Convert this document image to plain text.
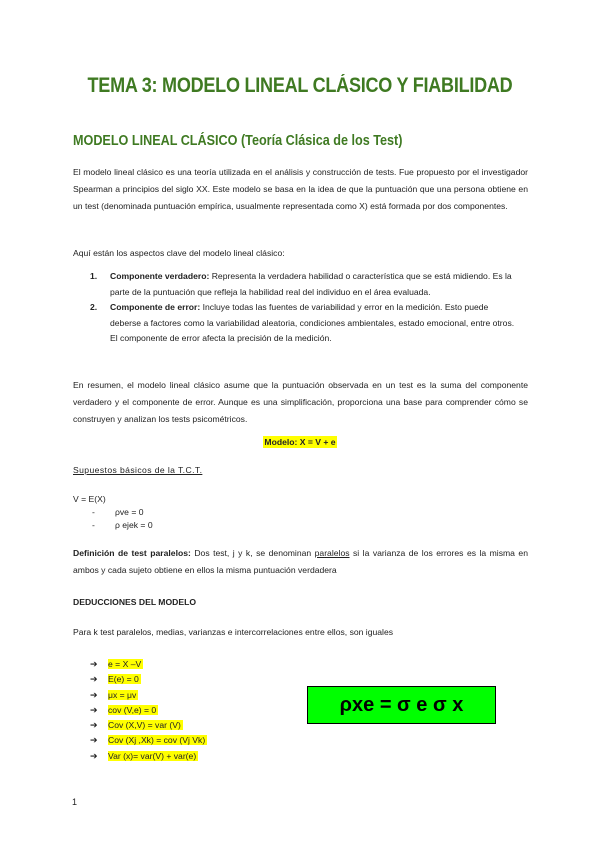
TEMA 3: MODELO LINEAL CLÁSICO Y FIABILIDAD
MODELO LINEAL CLÁSICO (Teoría Clásica de los Test)

El modelo lineal clásico es una teoría utilizada en el análisis y construcción de tests. Fue propuesto por el investigador Spearman a principios del siglo XX. Este modelo se basa en la idea de que la puntuación que una persona obtiene en un test (denominada puntuación empírica, usualmente representada como X) está formada por dos componentes.

Aquí están los aspectos clave del modelo lineal clásico:

1. Componente verdadero: Representa la verdadera habilidad o característica que se está midiendo. Es la parte de la puntuación que refleja la habilidad real del individuo en el área evaluada.
2. Componente de error: Incluye todas las fuentes de variabilidad y error en la medición. Esto puede deberse a factores como la variabilidad aleatoria, condiciones ambientales, estado emocional, entre otros. El componente de error afecta la precisión de la medición.

En resumen, el modelo lineal clásico asume que la puntuación observada en un test es la suma del componente verdadero y el componente de error. Aunque es una simplificación, proporciona una base para comprender cómo se construyen y analizan los tests psicométricos.

Modelo: X = V + e
Supuestos básicos de la T.C.T.
V = E(X)
- ρve = 0
- ρ ejek = 0

Definición de test paralelos: Dos test, j y k, se denominan paralelos si la varianza de los errores es la misma en ambos y cada sujeto obtiene en ellos la misma puntuación verdadera

DEDUCCIONES DEL MODELO
Para k test paralelos, medias, varianzas e intercorrelaciones entre ellos, son iguales
➔ e = X –V
➔ E(e) = 0
➔ μx = μv
➔ cov (V,e) = 0
➔ Cov (X,V) = var (V)
➔ Cov (Xj ,Xk) = cov (Vj Vk)
➔ Var (x)= var(V) + var(e)
ρxe = σ e σ x
1
